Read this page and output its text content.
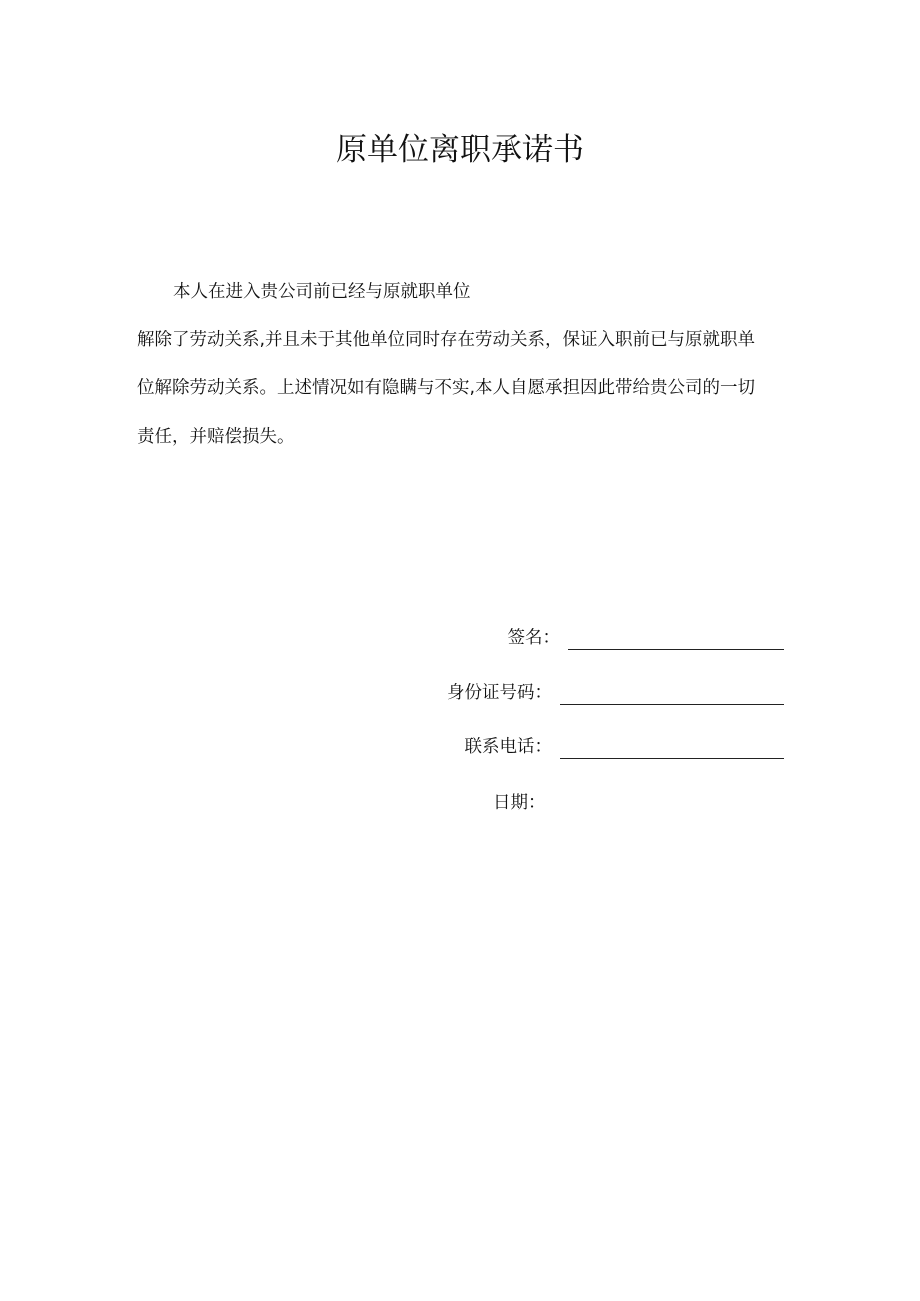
原单位离职承诺书
本人在进入贵公司前已经与原就职单位
解除了劳动关系,并且未于其他单位同时存在劳动关系，保证入职前已与原就职单
位解除劳动关系。上述情况如有隐瞒与不实,本人自愿承担因此带给贵公司的一切
责任，并赔偿损失。
签名：
身份证号码：
联系电话：
日期：
